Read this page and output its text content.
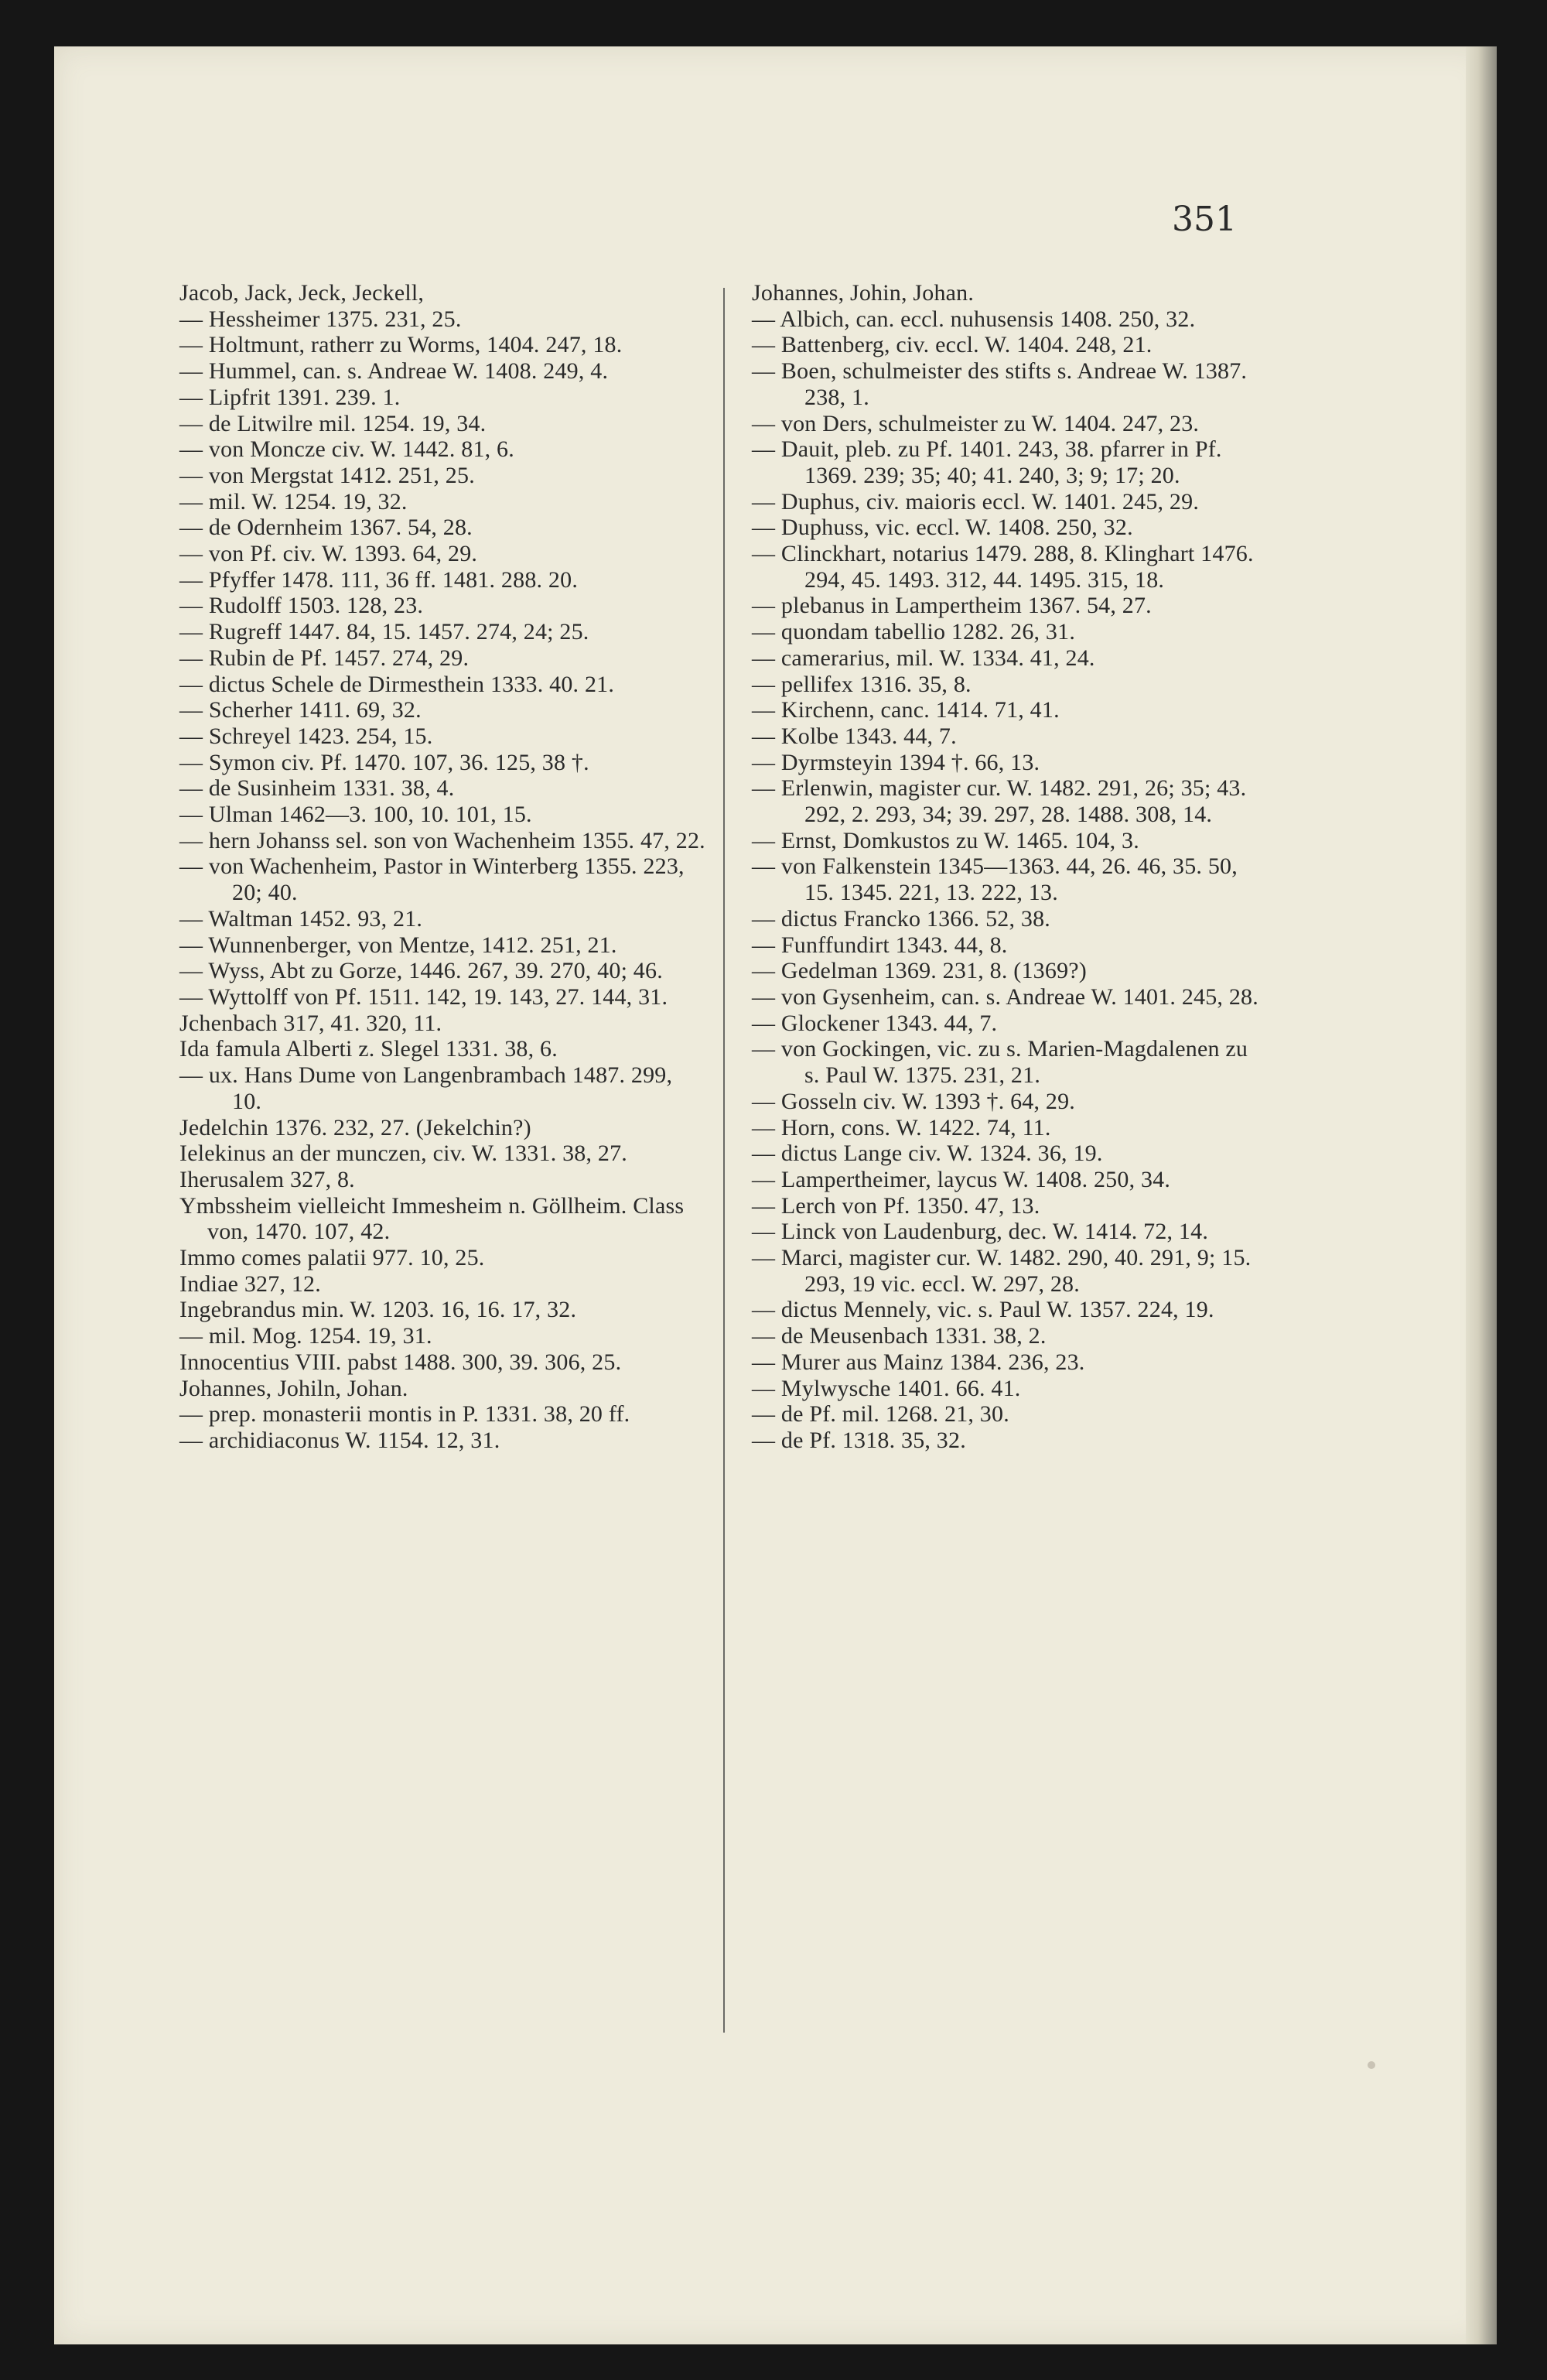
351

Jacob, Jack, Jeck, Jeckell,

— Hessheimer 1375. 231, 25.

— Holtmunt, ratherr zu Worms, 1404. 247, 18.

— Hummel, can. s. Andreae W. 1408. 249, 4.

— Lipfrit 1391. 239. 1.

— de Litwilre mil. 1254. 19, 34.

— von Moncze civ. W. 1442. 81, 6.

— von Mergstat 1412. 251, 25.

— mil. W. 1254. 19, 32.

— de Odernheim 1367. 54, 28.

— von Pf. civ. W. 1393. 64, 29.

— Pfyffer 1478. 111, 36 ff. 1481. 288. 20.

— Rudolff 1503. 128, 23.

— Rugreff 1447. 84, 15. 1457. 274, 24; 25.

— Rubin de Pf. 1457. 274, 29.

— dictus Schele de Dirmesthein 1333. 40. 21.

— Scherher 1411. 69, 32.

— Schreyel 1423. 254, 15.

— Symon civ. Pf. 1470. 107, 36. 125, 38 †.

— de Susinheim 1331. 38, 4.

— Ulman 1462—3. 100, 10. 101, 15.

— hern Johanss sel. son von Wachenheim 1355. 47, 22.

— von Wachenheim, Pastor in Winterberg 1355. 223, 20; 40.

— Waltman 1452. 93, 21.

— Wunnenberger, von Mentze, 1412. 251, 21.

— Wyss, Abt zu Gorze, 1446. 267, 39. 270, 40; 46.

— Wyttolff von Pf. 1511. 142, 19. 143, 27. 144, 31.

Jchenbach 317, 41. 320, 11.

Ida famula Alberti z. Slegel 1331. 38, 6.

— ux. Hans Dume von Langenbrambach 1487. 299, 10.

Jedelchin 1376. 232, 27. (Jekelchin?)

Ielekinus an der munczen, civ. W. 1331. 38, 27.

Iherusalem 327, 8.

Ymbssheim vielleicht Immesheim n. Göllheim. Class von, 1470. 107, 42.

Immo comes palatii 977. 10, 25.

Indiae 327, 12.

Ingebrandus min. W. 1203. 16, 16. 17, 32.

— mil. Mog. 1254. 19, 31.

Innocentius VIII. pabst 1488. 300, 39. 306, 25.

Johannes, Johiln, Johan.

— prep. monasterii montis in P. 1331. 38, 20 ff.

— archidiaconus W. 1154. 12, 31.

Johannes, Johin, Johan.

— Albich, can. eccl. nuhusensis 1408. 250, 32.

— Battenberg, civ. eccl. W. 1404. 248, 21.

— Boen, schulmeister des stifts s. Andreae W. 1387. 238, 1.

— von Ders, schulmeister zu W. 1404. 247, 23.

— Dauit, pleb. zu Pf. 1401. 243, 38. pfarrer in Pf. 1369. 239; 35; 40; 41. 240, 3; 9; 17; 20.

— Duphus, civ. maioris eccl. W. 1401. 245, 29.

— Duphuss, vic. eccl. W. 1408. 250, 32.

— Clinckhart, notarius 1479. 288, 8. Klinghart 1476. 294, 45. 1493. 312, 44. 1495. 315, 18.

— plebanus in Lampertheim 1367. 54, 27.

— quondam tabellio 1282. 26, 31.

— camerarius, mil. W. 1334. 41, 24.

— pellifex 1316. 35, 8.

— Kirchenn, canc. 1414. 71, 41.

— Kolbe 1343. 44, 7.

— Dyrmsteyin 1394 †. 66, 13.

— Erlenwin, magister cur. W. 1482. 291, 26; 35; 43. 292, 2. 293, 34; 39. 297, 28. 1488. 308, 14.

— Ernst, Domkustos zu W. 1465. 104, 3.

— von Falkenstein 1345—1363. 44, 26. 46, 35. 50, 15. 1345. 221, 13. 222, 13.

— dictus Francko 1366. 52, 38.

— Funffundirt 1343. 44, 8.

— Gedelman 1369. 231, 8. (1369?)

— von Gysenheim, can. s. Andreae W. 1401. 245, 28.

— Glockener 1343. 44, 7.

— von Gockingen, vic. zu s. Marien-Magdalenen zu s. Paul W. 1375. 231, 21.

— Gosseln civ. W. 1393 †. 64, 29.

— Horn, cons. W. 1422. 74, 11.

— dictus Lange civ. W. 1324. 36, 19.

— Lampertheimer, laycus W. 1408. 250, 34.

— Lerch von Pf. 1350. 47, 13.

— Linck von Laudenburg, dec. W. 1414. 72, 14.

— Marci, magister cur. W. 1482. 290, 40. 291, 9; 15. 293, 19 vic. eccl. W. 297, 28.

— dictus Mennely, vic. s. Paul W. 1357. 224, 19.

— de Meusenbach 1331. 38, 2.

— Murer aus Mainz 1384. 236, 23.

— Mylwysche 1401. 66. 41.

— de Pf. mil. 1268. 21, 30.

— de Pf. 1318. 35, 32.
